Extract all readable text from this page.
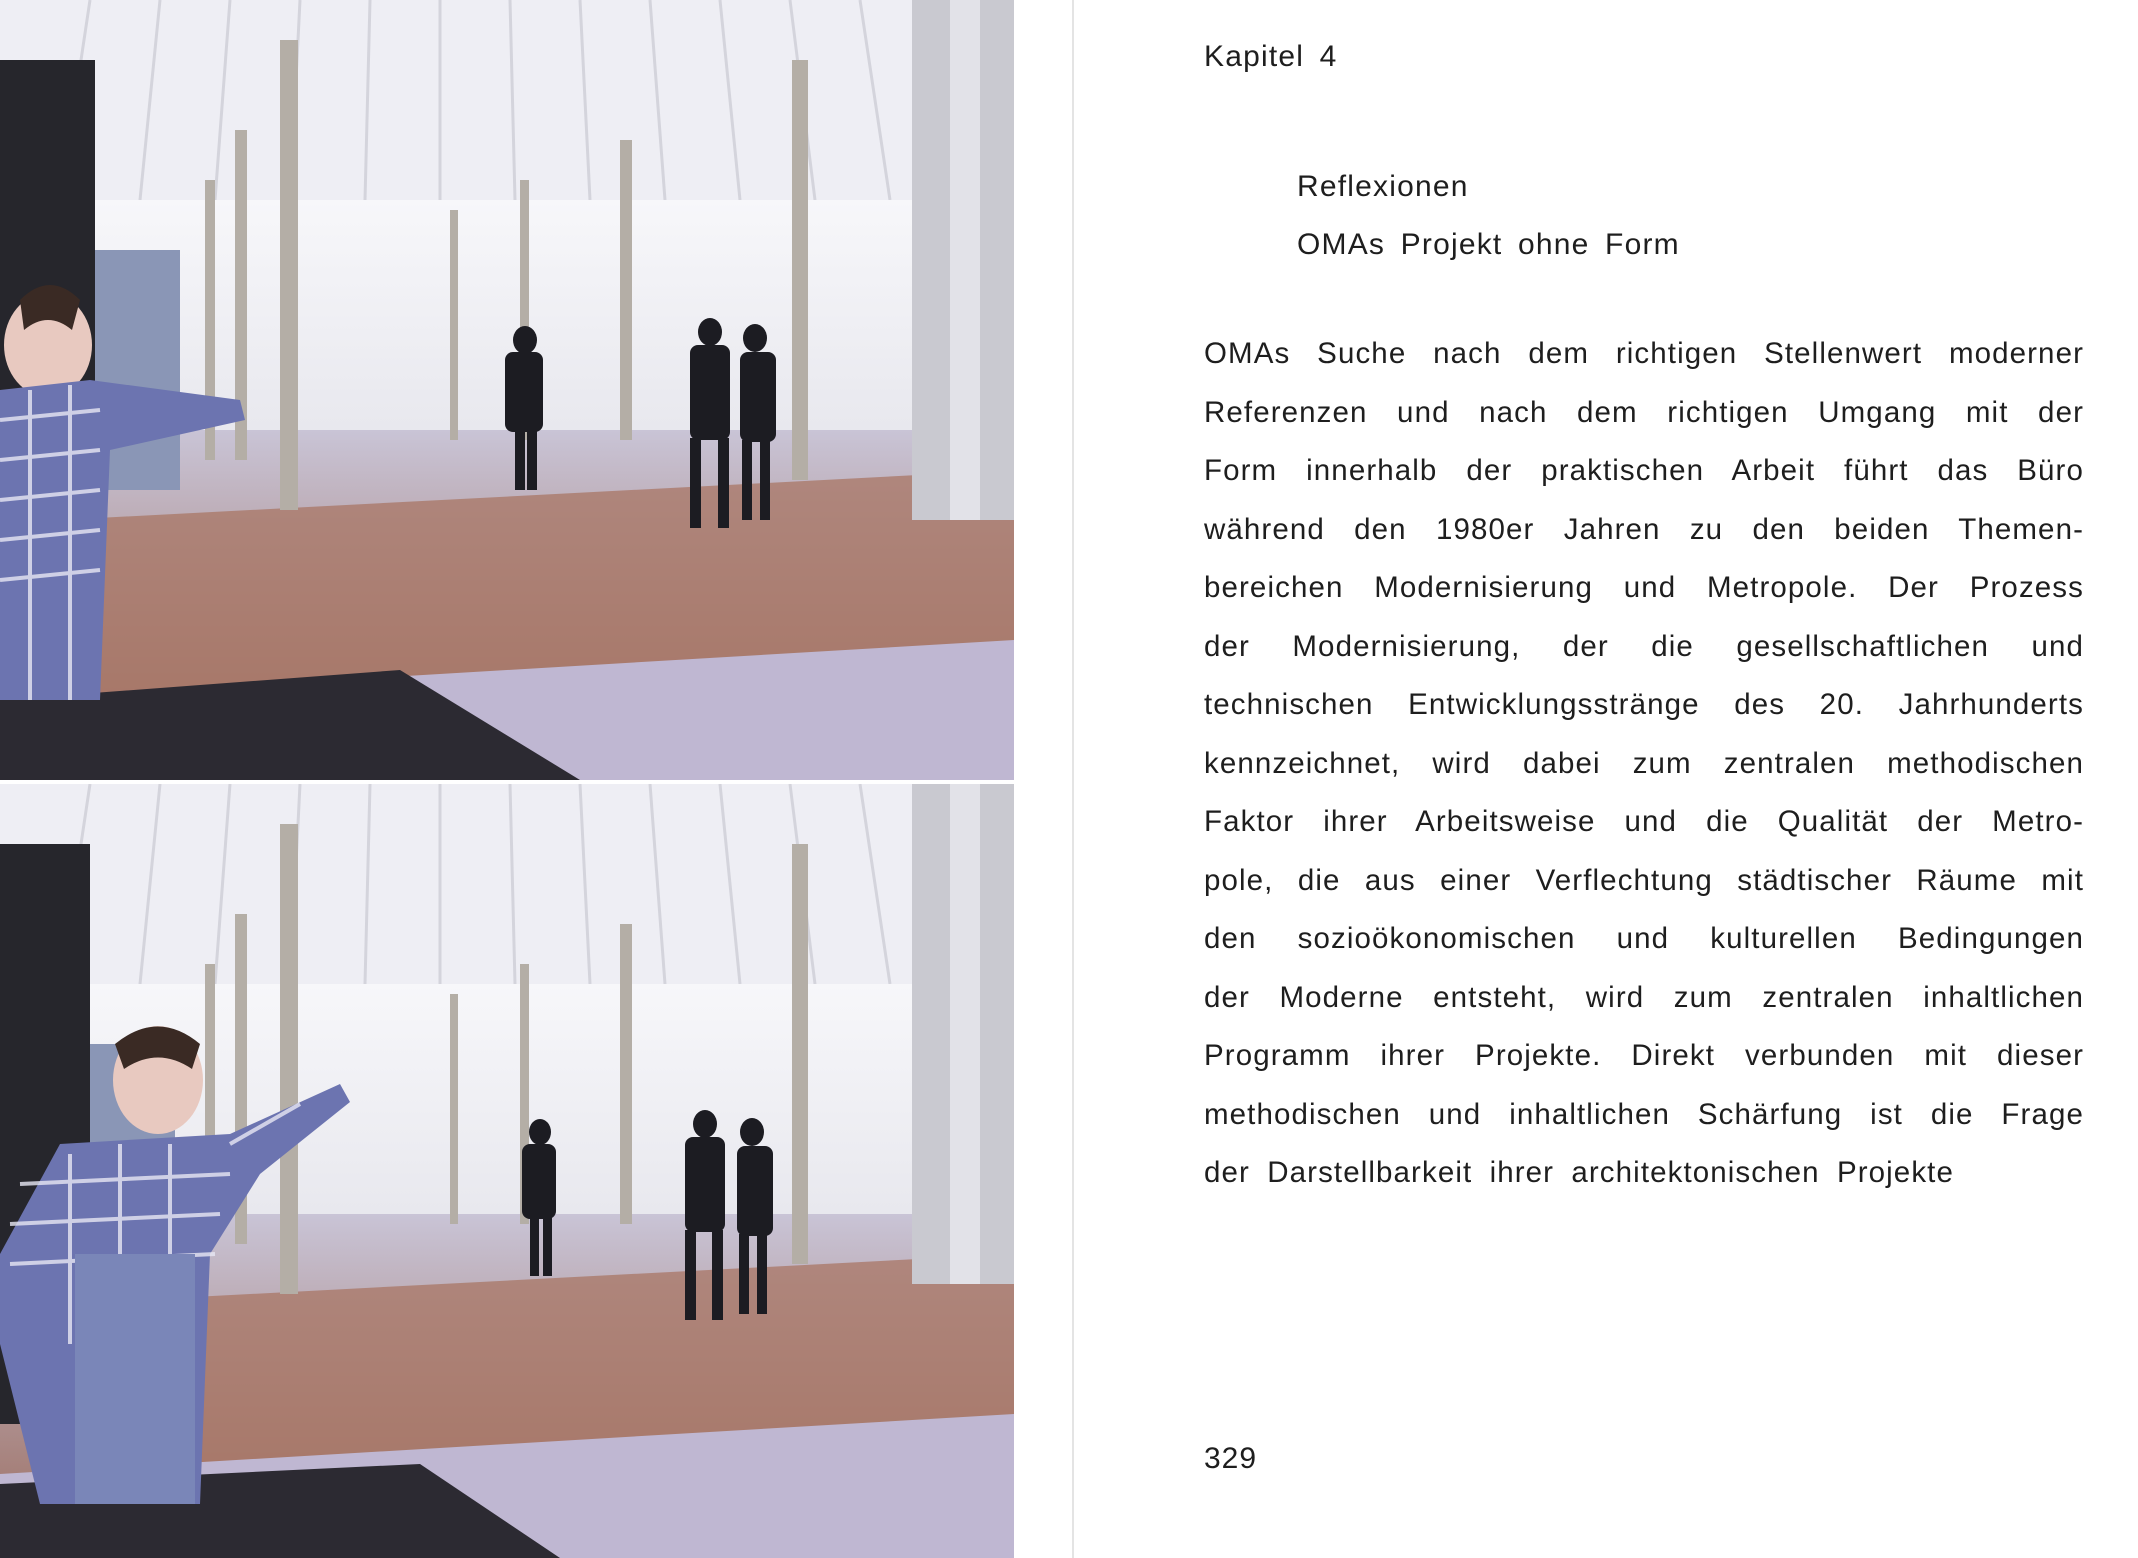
Kapitel 4
Reflexionen
OMAs Projekt ohne Form

OMAs Suche nach dem richtigen Stellenwert moderner
Referenzen und nach dem richtigen Umgang mit der
Form innerhalb der praktischen Arbeit führt das Büro
während den 1980er Jahren zu den beiden Themen-
bereichen Modernisierung und Metropole. Der Prozess
der Modernisierung, der die gesellschaftlichen und
technischen Entwicklungsstränge des 20. Jahrhunderts
kennzeichnet, wird dabei zum zentralen methodischen
Faktor ihrer Arbeitsweise und die Qualität der Metro-
pole, die aus einer Verflechtung städtischer Räume mit
den sozioökonomischen und kulturellen Bedingungen
der Moderne entsteht, wird zum zentralen inhaltlichen
Programm ihrer Projekte. Direkt verbunden mit dieser
methodischen und inhaltlichen Schärfung ist die Frage
der Darstellbarkeit ihrer architektonischen Projekte

329
